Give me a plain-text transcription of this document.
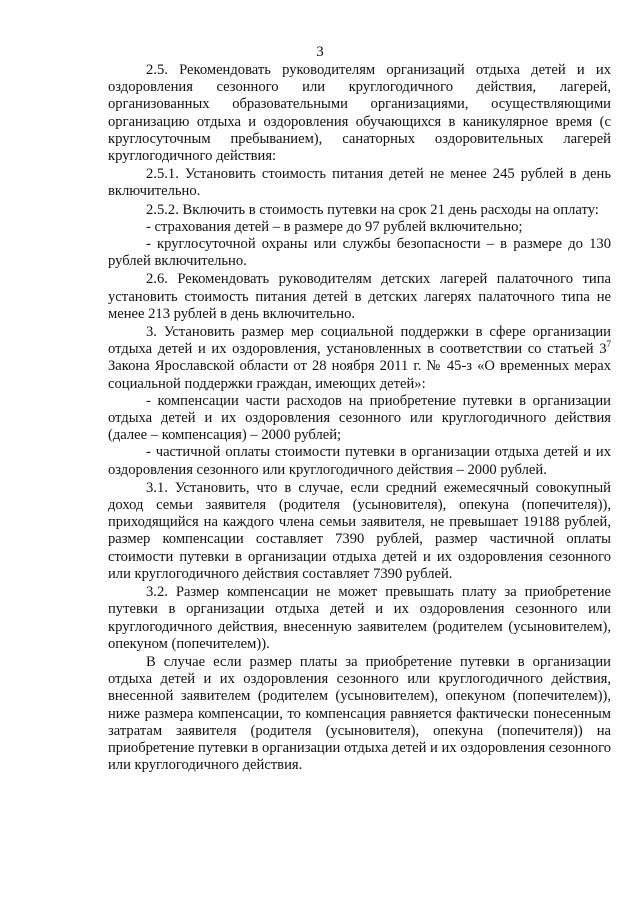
3

2.5. Рекомендовать руководителям организаций отдыха детей и их оздоровления сезонного или круглогодичного действия, лагерей, организованных образовательными организациями, осуществляющими организацию отдыха и оздоровления обучающихся в каникулярное время (с круглосуточным пребыванием), санаторных оздоровительных лагерей круглогодичного действия:

2.5.1. Установить стоимость питания детей не менее 245 рублей в день включительно.

2.5.2. Включить в стоимость путевки на срок 21 день расходы на оплату:

- страхования детей – в размере до 97 рублей включительно;

- круглосуточной охраны или службы безопасности – в размере до 130 рублей включительно.

2.6. Рекомендовать руководителям детских лагерей палаточного типа установить стоимость питания детей в детских лагерях палаточного типа не менее 213 рублей в день включительно.

3. Установить размер мер социальной поддержки в сфере организации отдыха детей и их оздоровления, установленных в соответствии со статьей $3^7$ Закона Ярославской области от 28 ноября 2011 г. № 45-з «О временных мерах социальной поддержки граждан, имеющих детей»:

- компенсации части расходов на приобретение путевки в организации отдыха детей и их оздоровления сезонного или круглогодичного действия (далее – компенсация) – 2000 рублей;

- частичной оплаты стоимости путевки в организации отдыха детей и их оздоровления сезонного или круглогодичного действия – 2000 рублей.

3.1. Установить, что в случае, если средний ежемесячный совокупный доход семьи заявителя (родителя (усыновителя), опекуна (попечителя)), приходящийся на каждого члена семьи заявителя, не превышает 19188 рублей, размер компенсации составляет 7390 рублей, размер частичной оплаты стоимости путевки в организации отдыха детей и их оздоровления сезонного или круглогодичного действия составляет 7390 рублей.

3.2. Размер компенсации не может превышать плату за приобретение путевки в организации отдыха детей и их оздоровления сезонного или круглогодичного действия, внесенную заявителем (родителем (усыновителем), опекуном (попечителем)).

В случае если размер платы за приобретение путевки в организации отдыха детей и их оздоровления сезонного или круглогодичного действия, внесенной заявителем (родителем (усыновителем), опекуном (попечителем)), ниже размера компенсации, то компенсация равняется фактически понесенным затратам заявителя (родителя (усыновителя), опекуна (попечителя)) на приобретение путевки в организации отдыха детей и их оздоровления сезонного или круглогодичного действия.
